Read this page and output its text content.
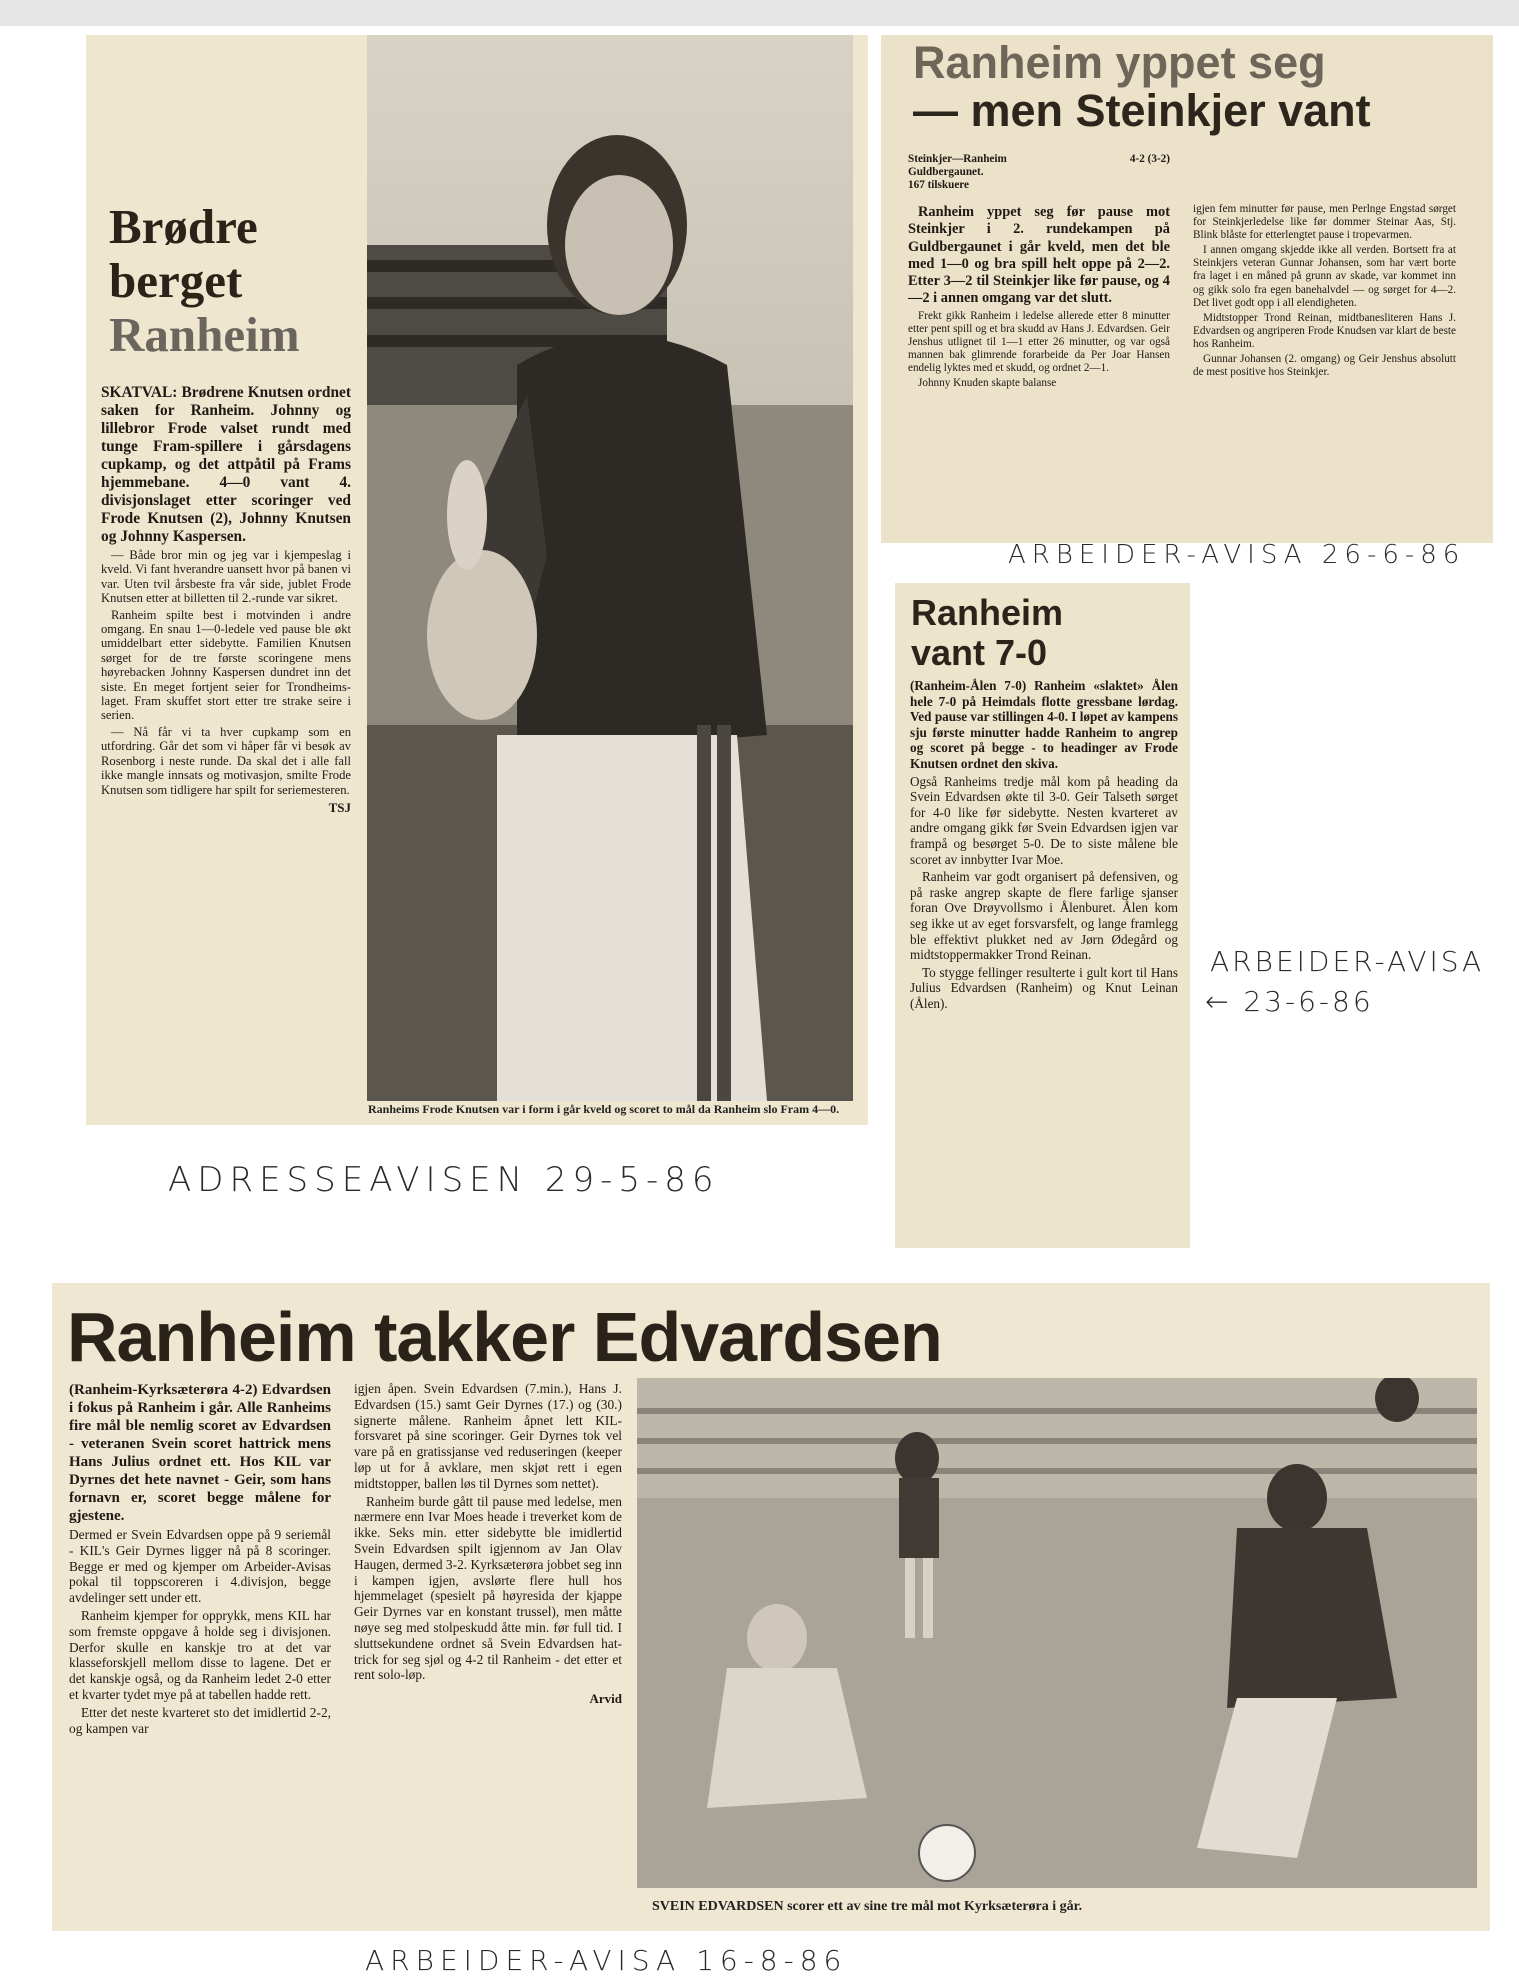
Brødre
berget
Ranheim

SKATVAL: Brødrene Knutsen ordnet saken for Ranheim. Johnny og lillebror Frode valset rundt med tunge Fram-spillere i gårsdagens cupkamp, og det attpåtil på Frams hjemmebane. 4—0 vant 4. divisjonslaget etter scoringer ved Frode Knutsen (2), Johnny Knutsen og Johnny Kaspersen.

— Både bror min og jeg var i kjempeslag i kveld. Vi fant hverandre uansett hvor på banen vi var. Uten tvil årsbeste fra vår side, jublet Frode Knutsen etter at billetten til 2.-runde var sikret.

Ranheim spilte best i motvinden i andre omgang. En snau 1—0-ledele ved pause ble økt umiddelbart etter sidebytte. Familien Knutsen sørget for de tre første scoringene mens høyrebacken Johnny Kaspersen dundret inn det siste. En meget fortjent seier for Trondheims-laget. Fram skuffet stort etter tre strake seire i serien.

— Nå får vi ta hver cupkamp som en utfordring. Går det som vi håper får vi besøk av Rosenborg i neste runde. Da skal det i alle fall ikke mangle innsats og motivasjon, smilte Frode Knutsen som tidligere har spilt for seriemesteren.

TSJ
Ranheims Frode Knutsen var i form i går kveld og scoret to mål da Ranheim slo Fram 4—0.
ADRESSEAVISEN 29-5-86
Ranheim yppet seg
— men Steinkjer vant
Steinkjer—Ranheim	4-2 (3-2)
Guldbergaunet.
167 tilskuere

Ranheim yppet seg før pause mot Steinkjer i 2. rundekampen på Guldbergaunet i går kveld, men det ble med 1—0 og bra spill helt oppe på 2—2. Etter 3—2 til Steinkjer like før pause, og 4—2 i annen omgang var det slutt.

Frekt gikk Ranheim i ledelse allerede etter 8 minutter etter pent spill og et bra skudd av Hans J. Edvardsen. Geir Jenshus utlignet til 1—1 etter 26 minutter, og var også mannen bak glimrende forarbeide da Per Joar Hansen endelig lyktes med et skudd, og ordnet 2—1.

Johnny Knuden skapte balanse

igjen fem minutter før pause, men Perlnge Engstad sørget for Steinkjerledelse like før dommer Steinar Aas, Stj. Blink blåste for etterlengtet pause i tropevarmen.

I annen omgang skjedde ikke all verden. Bortsett fra at Steinkjers veteran Gunnar Johansen, som har vært borte fra laget i en måned på grunn av skade, var kommet inn og gikk solo fra egen banehalvdel — og sørget for 4—2. Det livet godt opp i all elendigheten.

Midtstopper Trond Reinan, midtbanesliteren Hans J. Edvardsen og angriperen Frode Knudsen var klart de beste hos Ranheim.

Gunnar Johansen (2. omgang) og Geir Jenshus absolutt de mest positive hos Steinkjer.

ARBEIDER-AVISA 26-6-86
Ranheim
vant 7-0

(Ranheim-Ålen 7-0) Ranheim «slaktet» Ålen hele 7-0 på Heimdals flotte gressbane lørdag. Ved pause var stillingen 4-0. I løpet av kampens sju første minutter hadde Ranheim to angrep og scoret på begge - to headinger av Frode Knutsen ordnet den skiva.

Også Ranheims tredje mål kom på heading da Svein Edvardsen økte til 3-0. Geir Talseth sørget for 4-0 like før sidebytte. Nesten kvarteret av andre omgang gikk før Svein Edvardsen igjen var frampå og besørget 5-0. De to siste målene ble scoret av innbytter Ivar Moe.

Ranheim var godt organisert på defensiven, og på raske angrep skapte de flere farlige sjanser foran Ove Drøyvollsmo i Ålenburet. Ålen kom seg ikke ut av eget forsvarsfelt, og lange framlegg ble effektivt plukket ned av Jørn Ødegård og midtstoppermakker Trond Reinan.

To stygge fellinger resulterte i gult kort til Hans Julius Edvardsen (Ranheim) og Knut Leinan (Ålen).

ARBEIDER-AVISA
← 23-6-86
Ranheim takker Edvardsen

(Ranheim-Kyrksæterøra 4-2) Edvardsen i fokus på Ranheim i går. Alle Ranheims fire mål ble nemlig scoret av Edvardsen - veteranen Svein scoret hattrick mens Hans Julius ordnet ett. Hos KIL var Dyrnes det hete navnet - Geir, som hans fornavn er, scoret begge målene for gjestene.

Dermed er Svein Edvardsen oppe på 9 seriemål - KIL's Geir Dyrnes ligger nå på 8 scoringer. Begge er med og kjemper om Arbeider-Avisas pokal til toppscoreren i 4.divisjon, begge avdelinger sett under ett.

Ranheim kjemper for opprykk, mens KIL har som fremste oppgave å holde seg i divisjonen. Derfor skulle en kanskje tro at det var klasseforskjell mellom disse to lagene. Det er det kanskje også, og da Ranheim ledet 2-0 etter et kvarter tydet mye på at tabellen hadde rett.

Etter det neste kvarteret sto det imidlertid 2-2, og kampen var

igjen åpen. Svein Edvardsen (7.min.), Hans J. Edvardsen (15.) samt Geir Dyrnes (17.) og (30.) signerte målene. Ranheim åpnet lett KIL-forsvaret på sine scoringer. Geir Dyrnes tok vel vare på en gratissjanse ved reduseringen (keeper løp ut for å avklare, men skjøt rett i egen midtstopper, ballen løs til Dyrnes som nettet).

Ranheim burde gått til pause med ledelse, men nærmere enn Ivar Moes heade i treverket kom de ikke. Seks min. etter sidebytte ble imidlertid Svein Edvardsen spilt igjennom av Jan Olav Haugen, dermed 3-2. Kyrksæterøra jobbet seg inn i kampen igjen, avslørte flere hull hos hjemmelaget (spesielt på høyresida der kjappe Geir Dyrnes var en konstant trussel), men måtte nøye seg med stolpeskudd åtte min. før full tid. I sluttsekundene ordnet så Svein Edvardsen hat-trick for seg sjøl og 4-2 til Ranheim - det etter et rent solo-løp.

Arvid
SVEIN EDVARDSEN scorer ett av sine tre mål mot Kyrksæterøra i går.
ARBEIDER-AVISA 16-8-86
